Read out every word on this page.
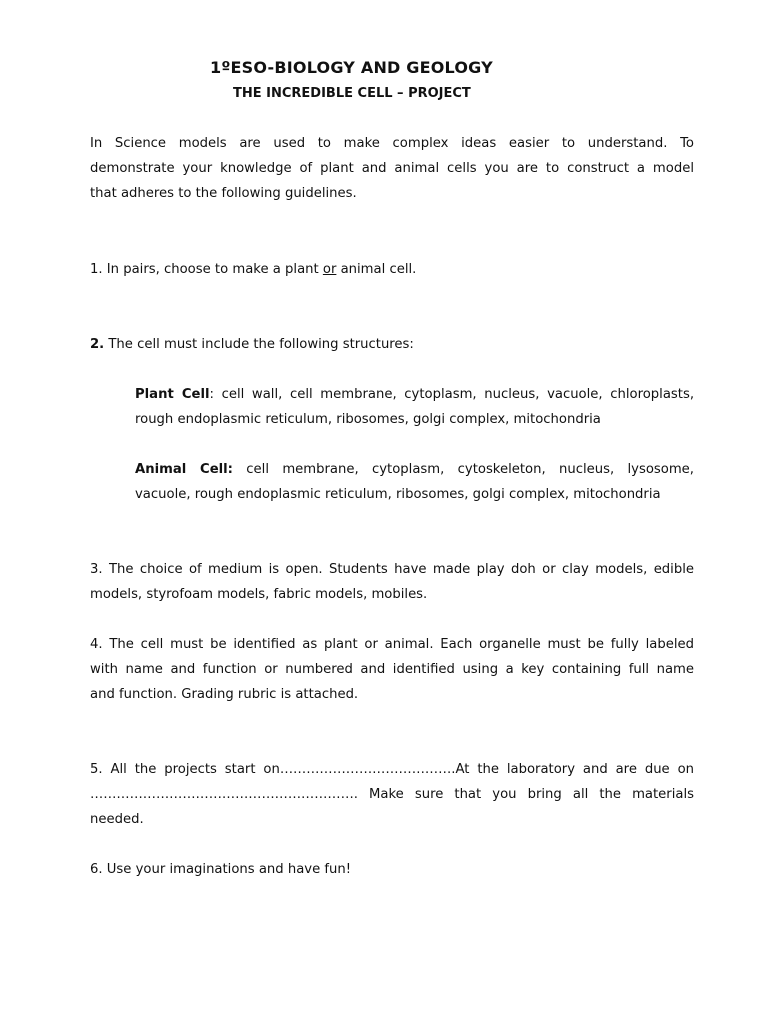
1ºESO-BIOLOGY AND GEOLOGY
THE INCREDIBLE CELL – PROJECT
In Science models are used to make complex ideas easier to understand. To
demonstrate your knowledge of plant and animal cells you are to construct a model
that adheres to the following guidelines.
1. In pairs, choose to make a plant or animal cell.
2. The cell must include the following structures:
Plant Cell: cell wall, cell membrane, cytoplasm, nucleus, vacuole, chloroplasts,
rough endoplasmic reticulum, ribosomes, golgi complex, mitochondria
Animal Cell: cell membrane, cytoplasm, cytoskeleton, nucleus, lysosome,
vacuole, rough endoplasmic reticulum, ribosomes, golgi complex, mitochondria
3. The choice of medium is open. Students have made play doh or clay models, edible
models, styrofoam models, fabric models, mobiles.
4. The cell must be identified as plant or animal. Each organelle must be fully labeled
with name and function or numbered and identified using a key containing full name
and function. Grading rubric is attached.
5. All the projects start on………………………………….At the laboratory and are due on
……………………………………………………. Make sure that you bring all the materials
needed.
6. Use your imaginations and have fun!
